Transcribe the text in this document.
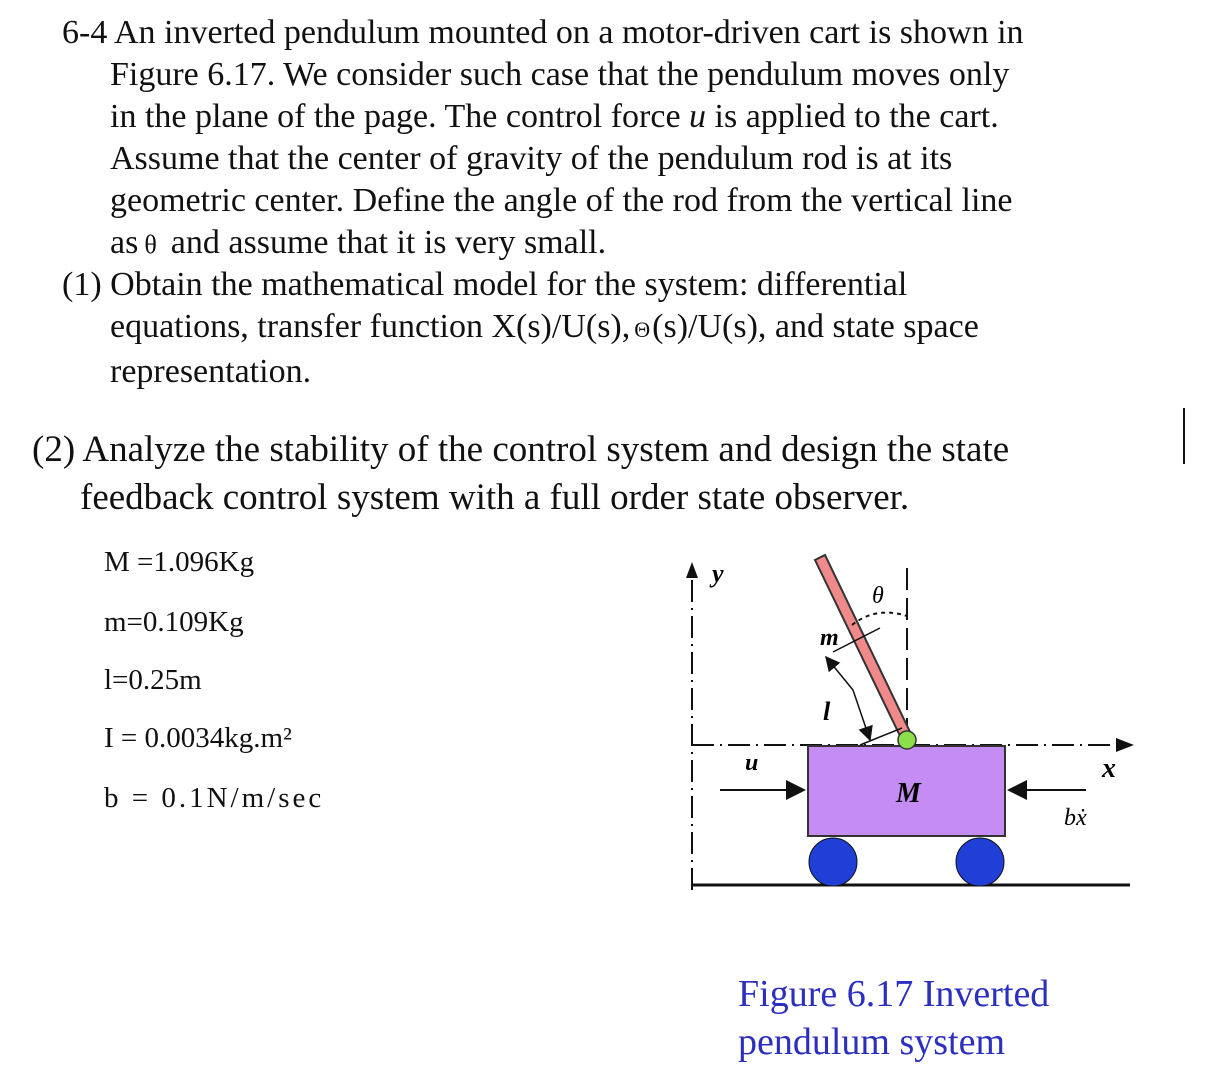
6-4 An inverted pendulum mounted on a motor-driven cart is shown in
Figure 6.17. We consider such case that the pendulum moves only
in the plane of the page. The control force u is applied to the cart.
Assume that the center of gravity of the pendulum rod is at its
geometric center. Define the angle of the rod from the vertical line
as θ and assume that it is very small.
(1) Obtain the mathematical model for the system: differential
equations, transfer function X(s)/U(s), Θ(s)/U(s), and state space
representation.
(2) Analyze the stability of the control system and design the state
feedback control system with a full order state observer.
M =1.096Kg
m=0.109Kg
l=0.25m
I = 0.0034kg.m²
b = 0.1N/m/sec
y
x
M
θ
m
l
u
bẋ
Figure 6.17 Inverted
pendulum system
